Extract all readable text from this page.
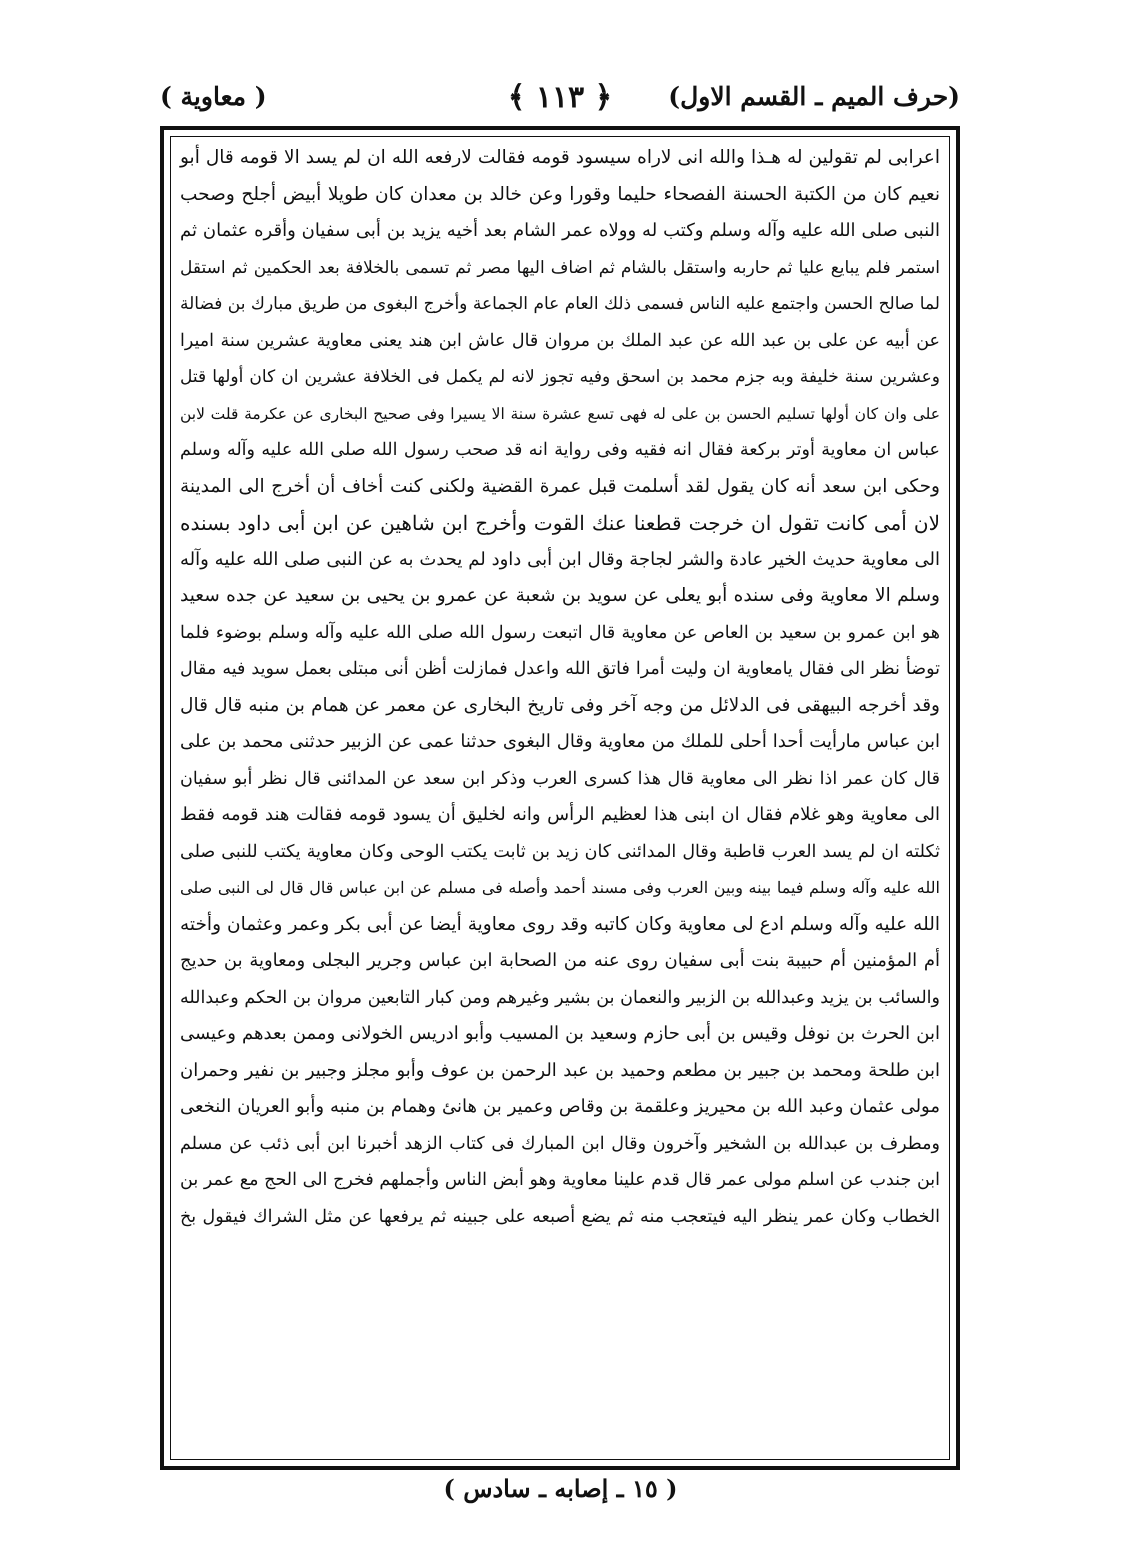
(حرف الميم ـ القسم الاول)
﴿ ١١٣ ﴾
( معاوية )
اعرابى لم تقولين له هـذا والله انى لاراه سيسود قومه فقالت لارفعه الله ان لم يسد الا قومه قال أبو
نعيم كان من الكتبة الحسنة الفصحاء حليما وقورا وعن خالد بن معدان كان طويلا أبيض أجلح وصحب
النبى صلى الله عليه وآله وسلم وكتب له وولاه عمر الشام بعد أخيه يزيد بن أبى سفيان وأقره عثمان ثم
استمر فلم يبايع عليا ثم حاربه واستقل بالشام ثم اضاف اليها مصر ثم تسمى بالخلافة بعد الحكمين ثم استقل
لما صالح الحسن واجتمع عليه الناس فسمى ذلك العام عام الجماعة وأخرج البغوى من طريق مبارك بن فضالة
عن أبيه عن على بن عبد الله عن عبد الملك بن مروان قال عاش ابن هند يعنى معاوية عشرين سنة اميرا
وعشرين سنة خليفة وبه جزم محمد بن اسحق وفيه تجوز لانه لم يكمل فى الخلافة عشرين ان كان أولها قتل
على وان كان أولها تسليم الحسن بن على له فهى تسع عشرة سنة الا يسيرا وفى صحيح البخارى عن عكرمة قلت لابن
عباس ان معاوية أوتر بركعة فقال انه فقيه وفى رواية انه قد صحب رسول الله صلى الله عليه وآله وسلم
وحكى ابن سعد أنه كان يقول لقد أسلمت قبل عمرة القضية ولكنى كنت أخاف أن أخرج الى المدينة
لان أمى كانت تقول ان خرجت قطعنا عنك القوت وأخرج ابن شاهين عن ابن أبى داود بسنده
الى معاوية حديث الخير عادة والشر لجاجة وقال ابن أبى داود لم يحدث به عن النبى صلى الله عليه وآله
وسلم الا معاوية وفى سنده أبو يعلى عن سويد بن شعبة عن عمرو بن يحيى بن سعيد عن جده سعيد
هو ابن عمرو بن سعيد بن العاص عن معاوية قال اتبعت رسول الله صلى الله عليه وآله وسلم بوضوء فلما
توضأ نظر الى فقال يامعاوية ان وليت أمرا فاتق الله واعدل فمازلت أظن أنى مبتلى بعمل سويد فيه مقال
وقد أخرجه البيهقى فى الدلائل من وجه آخر وفى تاريخ البخارى عن معمر عن همام بن منبه قال قال
ابن عباس مارأيت أحدا أحلى للملك من معاوية وقال البغوى حدثنا عمى عن الزبير حدثنى محمد بن على
قال كان عمر اذا نظر الى معاوية قال هذا كسرى العرب وذكر ابن سعد عن المدائنى قال نظر أبو سفيان
الى معاوية وهو غلام فقال ان ابنى هذا لعظيم الرأس وانه لخليق أن يسود قومه فقالت هند قومه فقط
ثكلته ان لم يسد العرب قاطبة وقال المدائنى كان زيد بن ثابت يكتب الوحى وكان معاوية يكتب للنبى صلى
الله عليه وآله وسلم فيما بينه وبين العرب وفى مسند أحمد وأصله فى مسلم عن ابن عباس قال قال لى النبى صلى
الله عليه وآله وسلم ادع لى معاوية وكان كاتبه وقد روى معاوية أيضا عن أبى بكر وعمر وعثمان وأخته
أم المؤمنين أم حبيبة بنت أبى سفيان روى عنه من الصحابة ابن عباس وجرير البجلى ومعاوية بن حديج
والسائب بن يزيد وعبدالله بن الزبير والنعمان بن بشير وغيرهم ومن كبار التابعين مروان بن الحكم وعبدالله
ابن الحرث بن نوفل وقيس بن أبى حازم وسعيد بن المسيب وأبو ادريس الخولانى وممن بعدهم وعيسى
ابن طلحة ومحمد بن جبير بن مطعم وحميد بن عبد الرحمن بن عوف وأبو مجلز وجبير بن نفير وحمران
مولى عثمان وعبد الله بن محيريز وعلقمة بن وقاص وعمير بن هانئ وهمام بن منبه وأبو العريان النخعى
ومطرف بن عبدالله بن الشخير وآخرون وقال ابن المبارك فى كتاب الزهد أخبرنا ابن أبى ذئب عن مسلم
ابن جندب عن اسلم مولى عمر قال قدم علينا معاوية وهو أبض الناس وأجملهم فخرج الى الحج مع عمر بن
الخطاب وكان عمر ينظر اليه فيتعجب منه ثم يضع أصبعه على جبينه ثم يرفعها عن مثل الشراك فيقول بخ
( ١٥ ـ إصابه ـ سادس )
